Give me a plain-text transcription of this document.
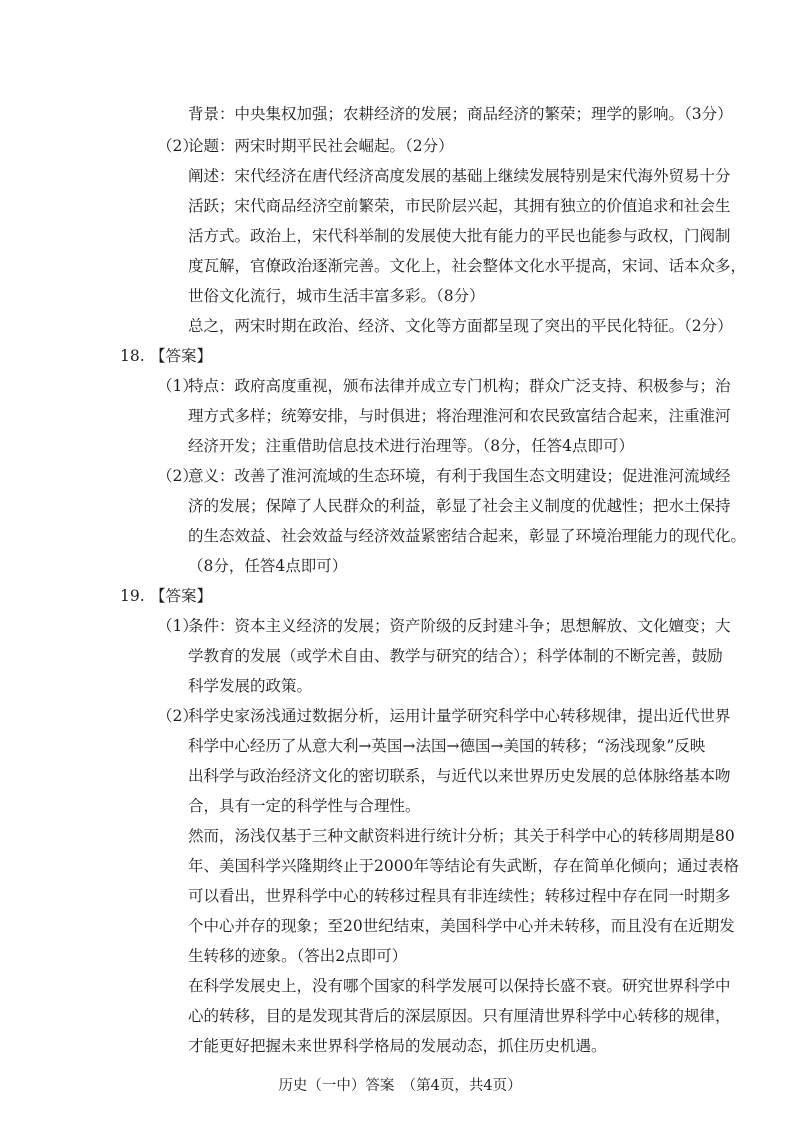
背景：中央集权加强；农耕经济的发展；商品经济的繁荣；理学的影响。（3分）
（2）
论题：两宋时期平民社会崛起。（2分）
阐述：宋代经济在唐代经济高度发展的基础上继续发展特别是宋代海外贸易十分
活跃；宋代商品经济空前繁荣，市民阶层兴起，其拥有独立的价值追求和社会生
活方式。政治上，宋代科举制的发展使大批有能力的平民也能参与政权，门阀制
度瓦解，官僚政治逐渐完善。文化上，社会整体文化水平提高，宋词、话本众多，
世俗文化流行，城市生活丰富多彩。（8分）
总之，两宋时期在政治、经济、文化等方面都呈现了突出的平民化特征。（2分）
18. 【答案】
（1）
特点：政府高度重视，颁布法律并成立专门机构；群众广泛支持、积极参与；治
理方式多样；统筹安排，与时俱进；将治理淮河和农民致富结合起来，注重淮河
经济开发；注重借助信息技术进行治理等。（8分，任答4点即可）
（2）
意义：改善了淮河流域的生态环境，有利于我国生态文明建设；促进淮河流域经
济的发展；保障了人民群众的利益，彰显了社会主义制度的优越性；把水土保持
的生态效益、社会效益与经济效益紧密结合起来，彰显了环境治理能力的现代化。
（8分，任答4点即可）
19. 【答案】
（1）
条件：资本主义经济的发展；资产阶级的反封建斗争；思想解放、文化嬗变；大
学教育的发展（或学术自由、教学与研究的结合）；科学体制的不断完善，鼓励
科学发展的政策。
（2）
科学史家汤浅通过数据分析，运用计量学研究科学中心转移规律，提出近代世界
科学中心经历了从意大利→英国→法国→德国→美国的转移；“汤浅现象”反映
出科学与政治经济文化的密切联系，与近代以来世界历史发展的总体脉络基本吻
合，具有一定的科学性与合理性。
然而，汤浅仅基于三种文献资料进行统计分析；其关于科学中心的转移周期是80
年、美国科学兴隆期终止于2000年等结论有失武断，存在简单化倾向；通过表格
可以看出，世界科学中心的转移过程具有非连续性；转移过程中存在同一时期多
个中心并存的现象；至20世纪结束，美国科学中心并未转移，而且没有在近期发
生转移的迹象。（答出2点即可）
在科学发展史上，没有哪个国家的科学发展可以保持长盛不衰。研究世界科学中
心的转移，目的是发现其背后的深层原因。只有厘清世界科学中心转移的规律，
才能更好把握未来世界科学格局的发展动态，抓住历史机遇。
历史（一中）答案　（第4页，共4页）
